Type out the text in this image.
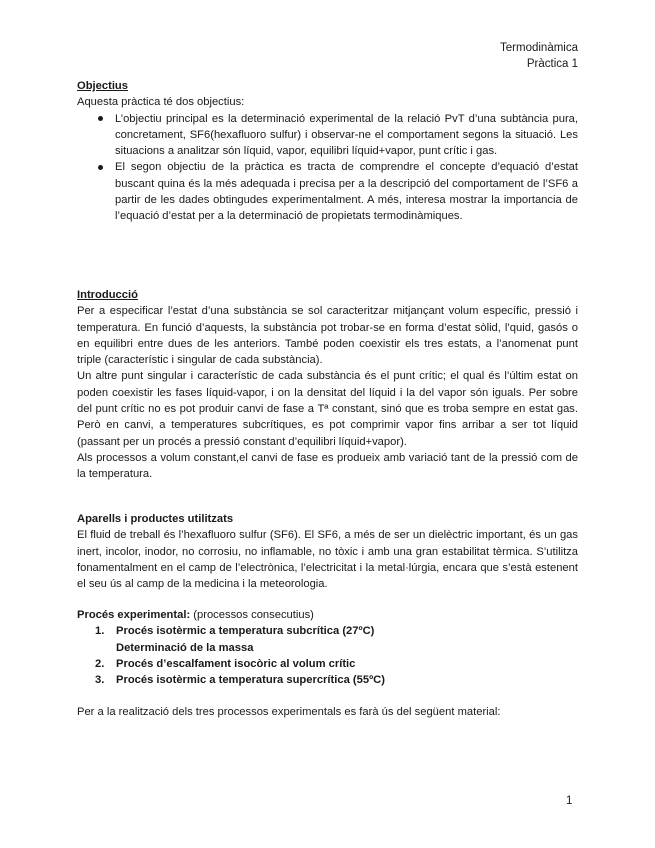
Termodinàmica
Pràctica 1

Objectius

Aquesta pràctica té dos objectius:

L’objectiu principal es la determinació experimental de la relació PvT d’una subtància pura, concretament, SF6(hexafluoro sulfur) i observar-ne el comportament segons la situació. Les situacions a analitzar són líquid, vapor, equilibri líquid+vapor, punt crític i gas.
El segon objectiu de la pràctica es tracta de comprendre el concepte d’equació d’estat buscant quina és la més adequada i precisa per a la descripció del comportament de l’SF6 a partir de les dades obtingudes experimentalment. A més, interesa mostrar la importancia de l’equació d’estat per a la determinació de propietats termodinàmiques.

Introducció

Per a especificar l’estat d’una substància se sol caracteritzar mitjançant volum específic, pressió i temperatura. En funció d’aquests, la substància pot trobar-se en forma d’estat sòlid, l’quid, gasós o en equilibri entre dues de les anteriors. També poden coexistir els tres estats, a l’anomenat punt triple (característic i singular de cada substància).

Un altre punt singular i característic de cada substància és el punt crític; el qual és l’últim estat on poden coexistir les fases líquid-vapor, i on la densitat del líquid i la del vapor són iguals. Per sobre del punt crític no es pot produir canvi de fase a Tª constant, sinó que es troba sempre en estat gas. Però en canvi, a temperatures subcrítiques, es pot comprimir vapor fins arribar a ser tot líquid (passant per un procés a pressió constant d’equilibri líquid+vapor).

Als processos a volum constant,el canvi de fase es produeix amb variació tant de la pressió com de la temperatura.

Aparells i productes utilitzats

El fluid de treball és l’hexafluoro sulfur (SF6). El SF6, a més de ser un dielèctric important, és un gas inert, incolor, inodor, no corrosiu, no inflamable, no tòxic i amb una gran estabilitat tèrmica. S’utilitza fonamentalment en el camp de l’electrònica, l’electricitat i la metal·lúrgia, encara que s’està estenent el seu ús al camp de la medicina i la meteorologia.

Procés experimental: (processos consecutius)

1. Procés isotèrmic a temperatura subcrítica (27ºC)
Determinació de la massa
2. Procés d’escalfament isocòric al volum crític
3. Procés isotèrmic a temperatura supercrítica (55ºC)

Per a la realització dels tres processos experimentals es farà ús del següent material:

1
